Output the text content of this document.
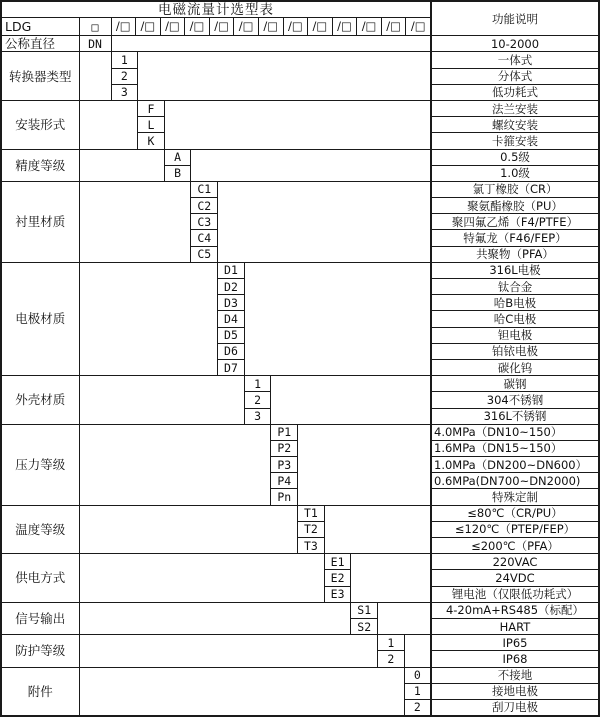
电磁流量计选型表														功能说明
LDG	□	/□ /□ /□ /□ /□ /□ /□ /□ /□ /□ /□ /□ /□

公称直径	DN													10-2000
转换器类型		1												一体式
		2												分体式
		3												低功耗式
安装形式			F											法兰安装
			L											螺纹安装
			K											卡箍安装
精度等级				A										0.5级
				B										1.0级
衬里材质					C1									氯丁橡胶（CR）
					C2									聚氨酯橡胶（PU）
					C3									聚四氟乙烯（F4/PTFE）
					C4									特氟龙（F46/FEP）
					C5									共聚物（PFA）
电极材质						D1								316L电极
						D2								钛合金
						D3								哈B电极
						D4								哈C电极
						D5								钽电极
						D6								铂铱电极
						D7								碳化钨
外壳材质							1							碳钢
							2							304不锈钢
							3							316L不锈钢
压力等级								P1						4.0MPa（DN10~150）
								P2						1.6MPa（DN15~150）
								P3						1.0MPa（DN200~DN600）
								P4						0.6MPa(DN700~DN2000)
								Pn						特殊定制
温度等级									T1					≤80℃（CR/PU）
									T2					≤120℃（PTEP/FEP）
									T3					≤200℃（PFA）
供电方式										E1				220VAC
										E2				24VDC
										E3				锂电池（仅限低功耗式）
信号输出											S1			4-20mA+RS485（标配）
											S2			HART
防护等级												1		IP65
												2		IP68
附件													0	不接地
													1	接地电极
													2	刮刀电极
